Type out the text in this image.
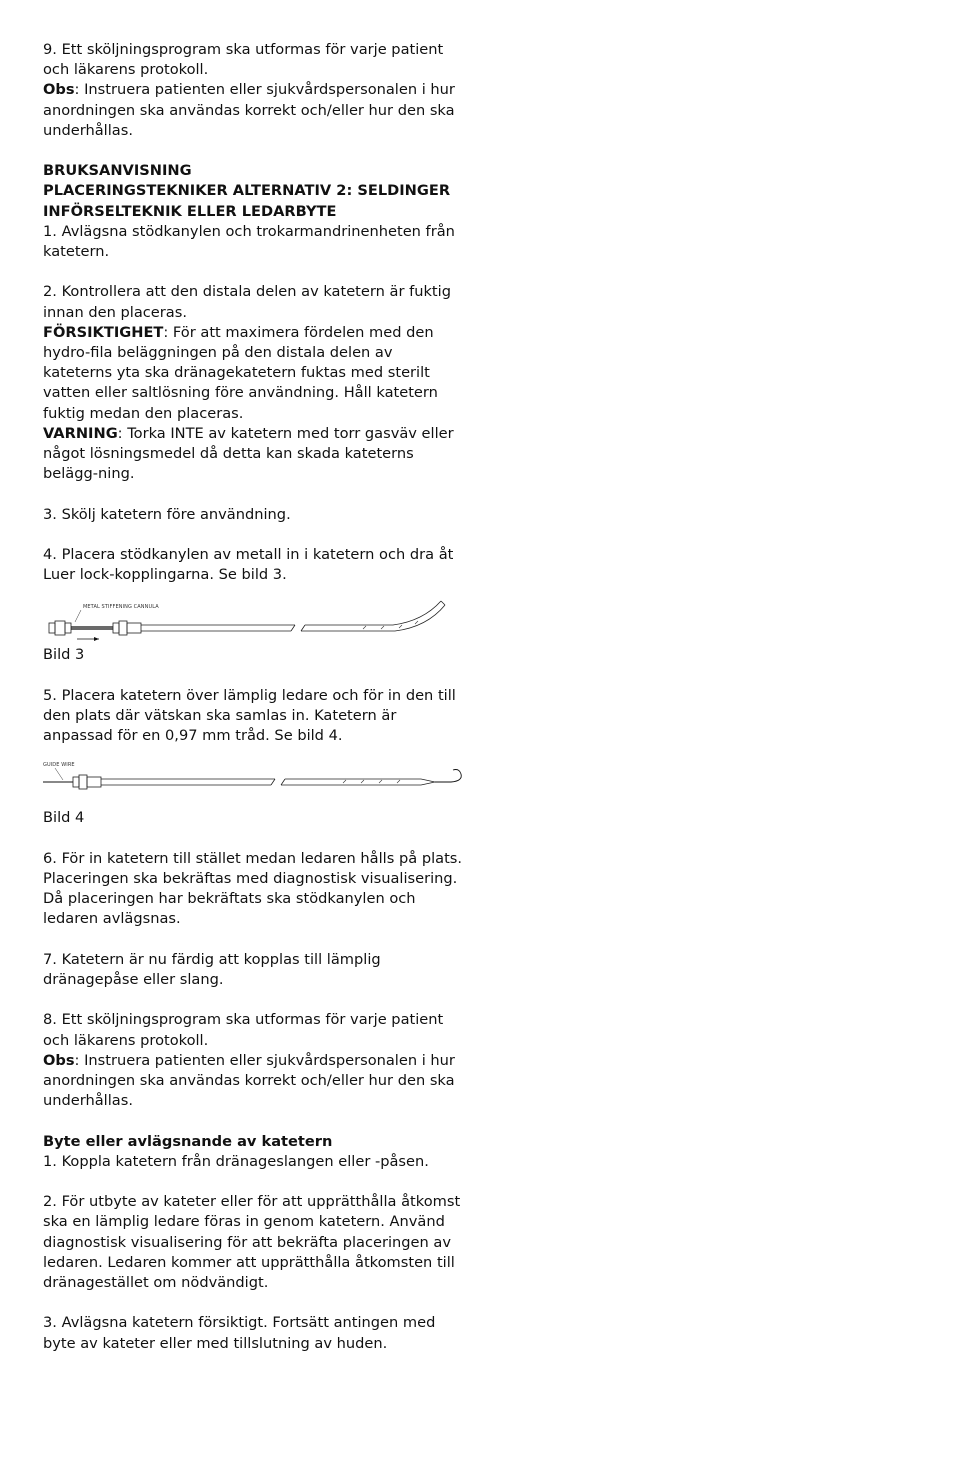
9. Ett sköljningsprogram ska utformas för varje patient och läkarens protokoll.

Obs: Instruera patienten eller sjukvårdspersonalen i hur anordningen ska användas korrekt och/eller hur den ska underhållas.

BRUKSANVISNING

PLACERINGSTEKNIKER ALTERNATIV 2: SELDINGER INFÖRSELTEKNIK ELLER LEDARBYTE

1. Avlägsna stödkanylen och trokarmandrinenheten från katetern.

2. Kontrollera att den distala delen av katetern är fuktig innan den placeras.

FÖRSIKTIGHET: För att maximera fördelen med den hydro-fila beläggningen på den distala delen av kateterns yta ska dränagekatetern fuktas med sterilt vatten eller saltlösning före användning. Håll katetern fuktig medan den placeras.

VARNING: Torka INTE av katetern med torr gasväv eller något lösningsmedel då detta kan skada kateterns belägg-ning.

3. Skölj katetern före användning.

4. Placera stödkanylen av metall in i katetern och dra åt Luer lock-kopplingarna. Se bild 3.

METAL STIFFENING CANNULA

Bild 3

5. Placera katetern över lämplig ledare och för in den till den plats där vätskan ska samlas in. Katetern är anpassad för en 0,97 mm tråd. Se bild 4.

GUIDE WIRE

Bild 4

6. För in katetern till stället medan ledaren hålls på plats. Placeringen ska bekräftas med diagnostisk visualisering. Då placeringen har bekräftats ska stödkanylen och ledaren avlägsnas.

7. Katetern är nu färdig att kopplas till lämplig dränagepåse eller slang.

8. Ett sköljningsprogram ska utformas för varje patient och läkarens protokoll.

Obs: Instruera patienten eller sjukvårdspersonalen i hur anordningen ska användas korrekt och/eller hur den ska underhållas.

Byte eller avlägsnande av katetern

1. Koppla katetern från dränageslangen eller -påsen.

2. För utbyte av kateter eller för att upprätthålla åtkomst ska en lämplig ledare föras in genom katetern. Använd diagnostisk visualisering för att bekräfta placeringen av ledaren. Ledaren kommer att upprätthålla åtkomsten till dränagestället om nödvändigt.

3. Avlägsna katetern försiktigt. Fortsätt antingen med byte av kateter eller med tillslutning av huden.
